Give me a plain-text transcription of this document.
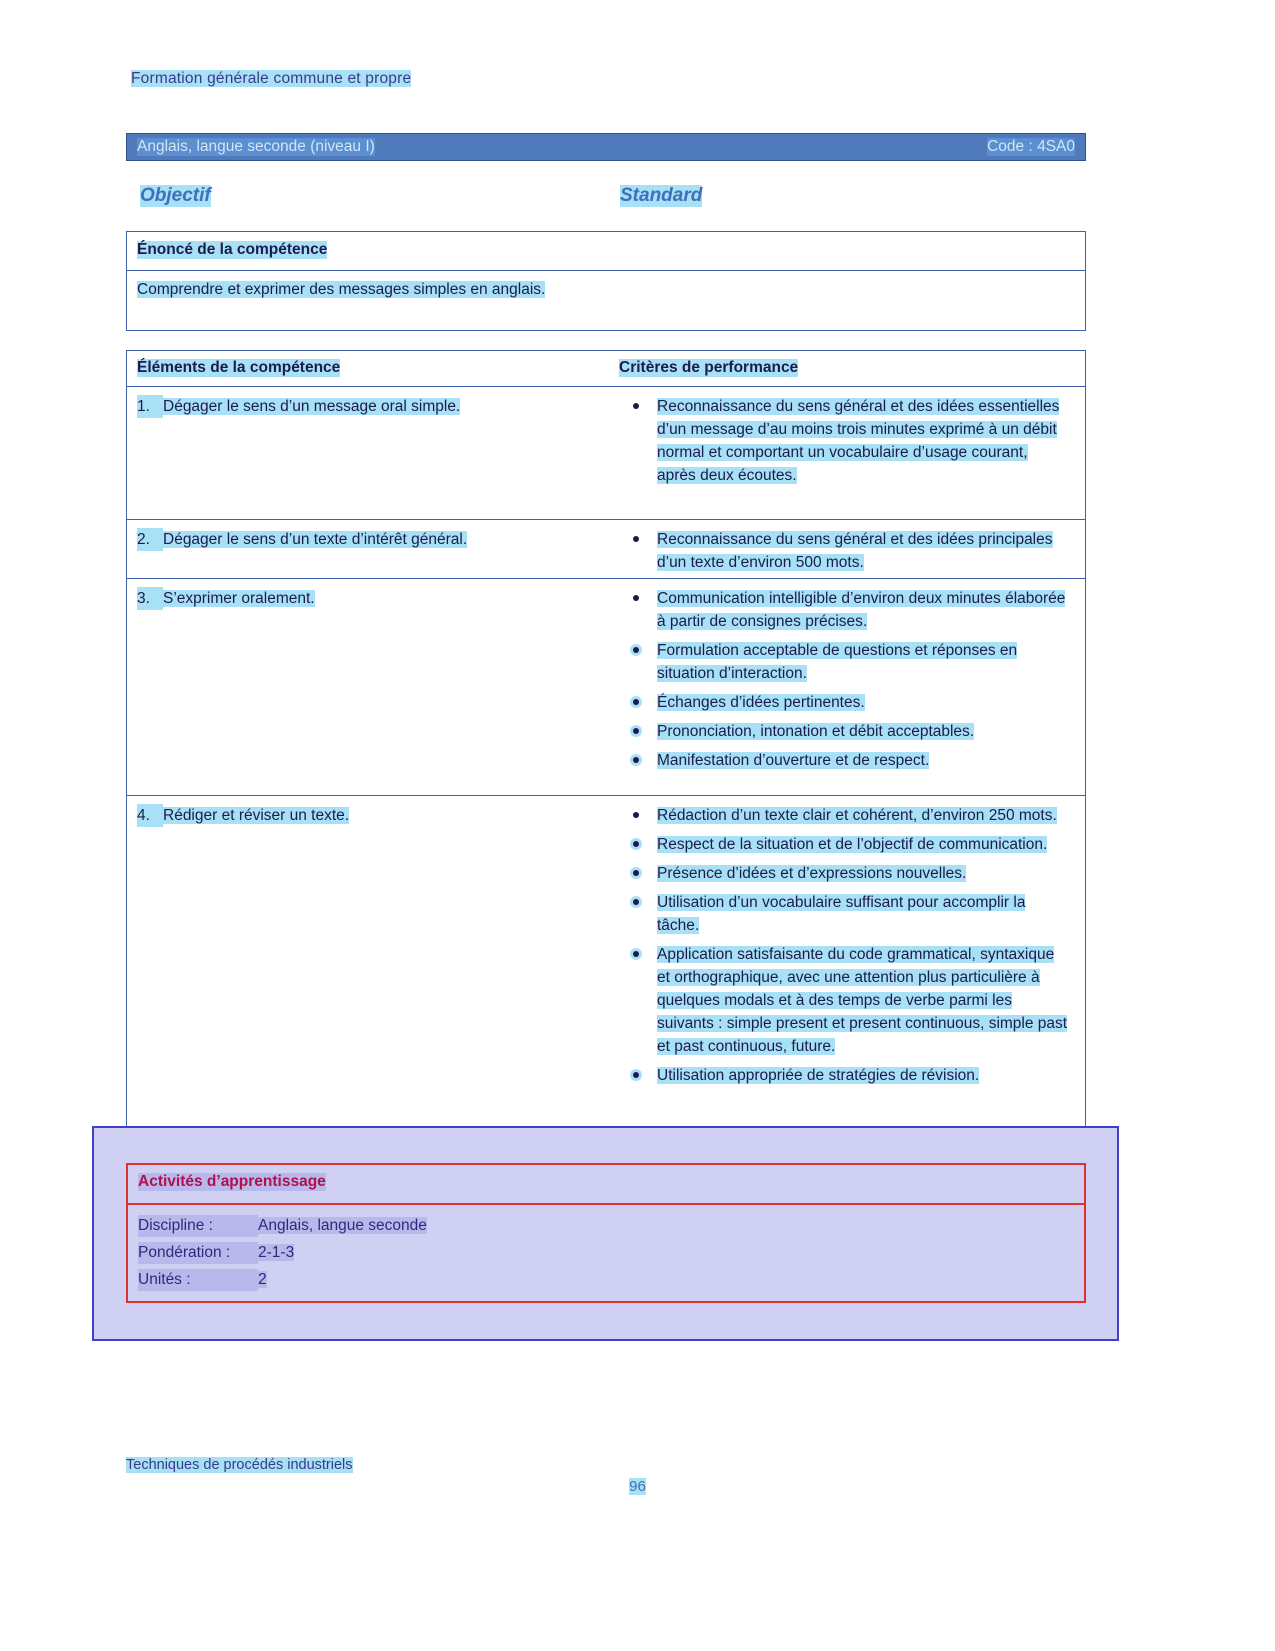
Formation générale commune et propre
Anglais, langue seconde (niveau I)	Code : 4SA0
Objectif	Standard
Énoncé de la compétence
Comprendre et exprimer des messages simples en anglais.
Éléments de la compétence	Critères de performance
1. Dégager le sens d’un message oral simple.	Reconnaissance du sens général et des idées essentielles d’un message d’au moins trois minutes exprimé à un débit normal et comportant un vocabulaire d’usage courant, après deux écoutes.
2. Dégager le sens d’un texte d’intérêt général.	Reconnaissance du sens général et des idées principales d’un texte d’environ 500 mots.
3. S’exprimer oralement.	Communication intelligible d’environ deux minutes élaborée à partir de consignes précises.
Formulation acceptable de questions et réponses en situation d’interaction.
Échanges d’idées pertinentes.
Prononciation, intonation et débit acceptables.
Manifestation d’ouverture et de respect.
4. Rédiger et réviser un texte.	Rédaction d’un texte clair et cohérent, d’environ 250 mots.
Respect de la situation et de l’objectif de communication.
Présence d’idées et d’expressions nouvelles.
Utilisation d’un vocabulaire suffisant pour accomplir la tâche.
Application satisfaisante du code grammatical, syntaxique et orthographique, avec une attention plus particulière à quelques modals et à des temps de verbe parmi les suivants : simple present et present continuous, simple past et past continuous, future.
Utilisation appropriée de stratégies de révision.
Activités d’apprentissage
Discipline :	Anglais, langue seconde
Pondération : 2-1-3
Unités :	2
Techniques de procédés industriels
96
